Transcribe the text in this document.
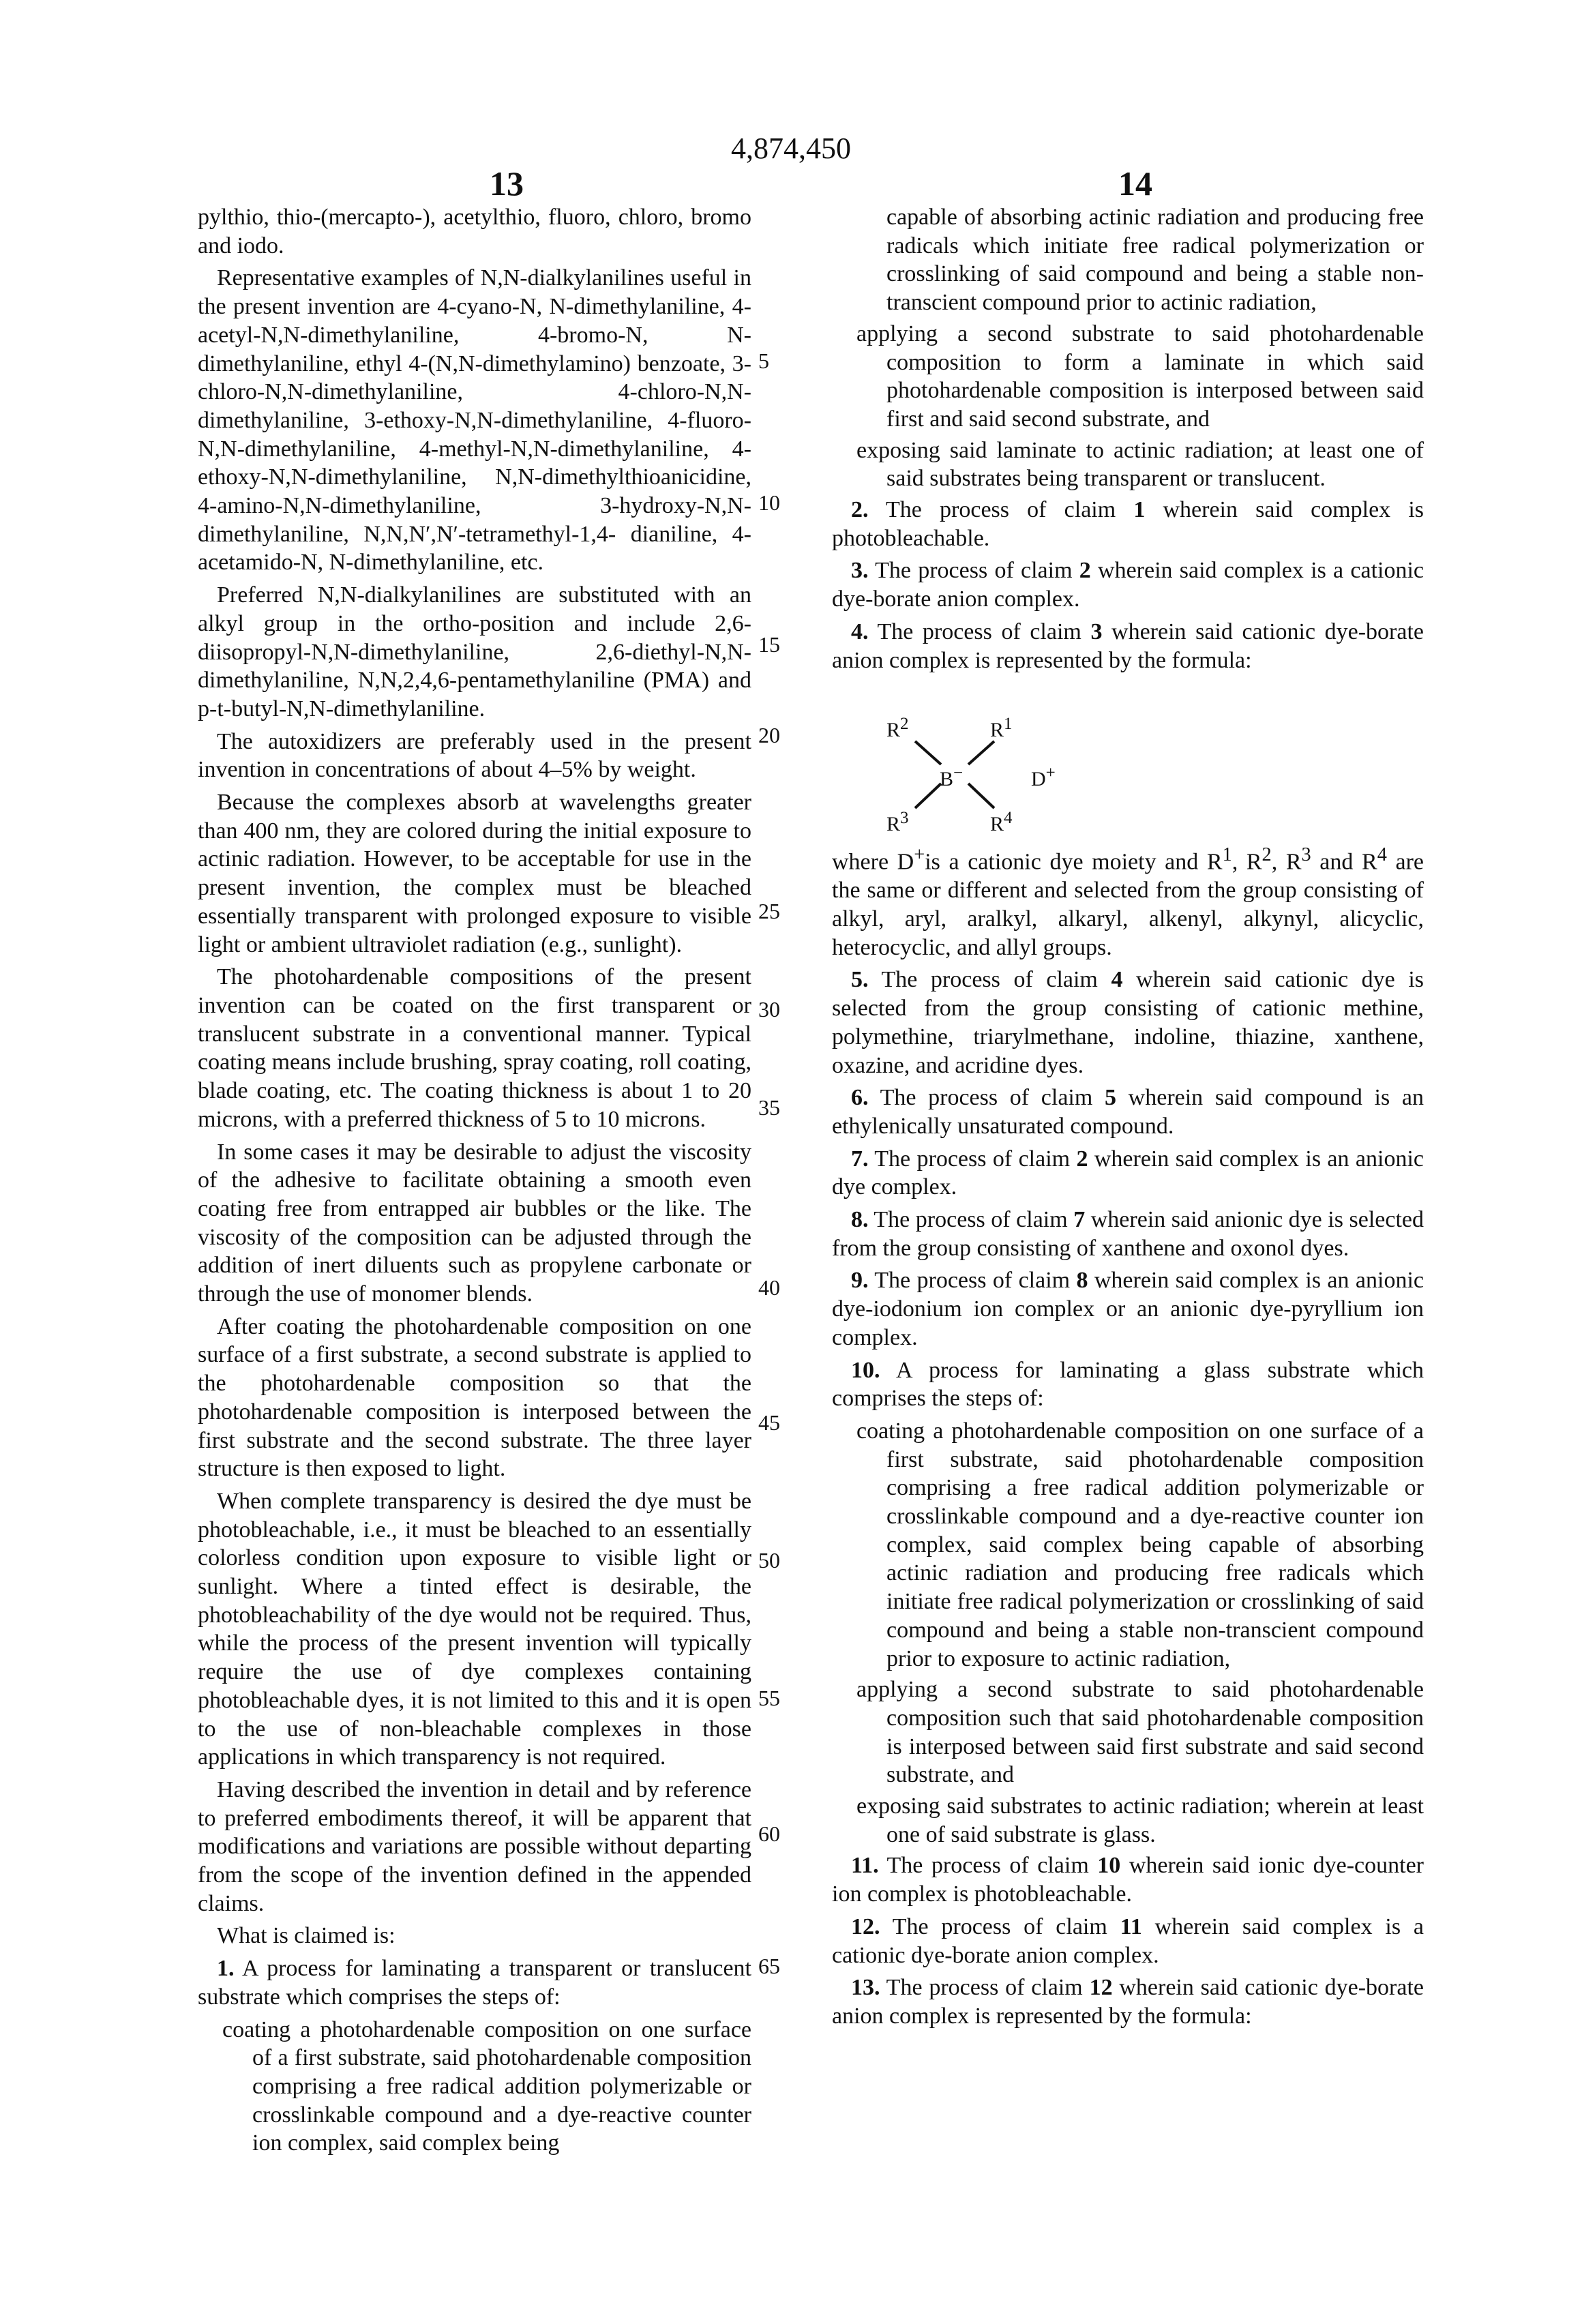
4,874,450
13	14
5
10
15
20
25
30
35
40
45
50
55
60
65

pylthio, thio-(mercapto-), acetylthio, fluoro, chloro, bromo and iodo.

Representative examples of N,N-dialkylanilines useful in the present invention are 4-cyano-N, N-dimethylaniline, 4-acetyl-N,N-dimethylaniline, 4-bromo-N, N-dimethylaniline, ethyl 4-(N,N-dimethylamino) benzoate, 3-chloro-N,N-dimethylaniline, 4-chloro-N,N-dimethylaniline, 3-ethoxy-N,N-dimethylaniline, 4-fluoro- N,N-dimethylaniline, 4-methyl-N,N-dimethylaniline, 4-ethoxy-N,N-dimethylaniline, N,N-dimethylthioanicidine, 4-amino-N,N-dimethylaniline, 3-hydroxy-N,N-dimethylaniline, N,N,N′,N′-tetramethyl-1,4- dianiline, 4-acetamido-N, N-dimethylaniline, etc.

Preferred N,N-dialkylanilines are substituted with an alkyl group in the ortho-position and include 2,6- diisopropyl-N,N-dimethylaniline, 2,6-diethyl-N,N-dimethylaniline, N,N,2,4,6-pentamethylaniline (PMA) and p-t-butyl-N,N-dimethylaniline.

The autoxidizers are preferably used in the present invention in concentrations of about 4–5% by weight.

Because the complexes absorb at wavelengths greater than 400 nm, they are colored during the initial exposure to actinic radiation. However, to be acceptable for use in the present invention, the complex must be bleached essentially transparent with prolonged exposure to visible light or ambient ultraviolet radiation (e.g., sunlight).

The photohardenable compositions of the present invention can be coated on the first transparent or translucent substrate in a conventional manner. Typical coating means include brushing, spray coating, roll coating, blade coating, etc. The coating thickness is about 1 to 20 microns, with a preferred thickness of 5 to 10 microns.

In some cases it may be desirable to adjust the viscosity of the adhesive to facilitate obtaining a smooth even coating free from entrapped air bubbles or the like. The viscosity of the composition can be adjusted through the addition of inert diluents such as propylene carbonate or through the use of monomer blends.

After coating the photohardenable composition on one surface of a first substrate, a second substrate is applied to the photohardenable composition so that the photohardenable composition is interposed between the first substrate and the second substrate. The three layer structure is then exposed to light.

When complete transparency is desired the dye must be photobleachable, i.e., it must be bleached to an essentially colorless condition upon exposure to visible light or sunlight. Where a tinted effect is desirable, the photobleachability of the dye would not be required. Thus, while the process of the present invention will typically require the use of dye complexes containing photobleachable dyes, it is not limited to this and it is open to the use of non-bleachable complexes in those applications in which transparency is not required.

Having described the invention in detail and by reference to preferred embodiments thereof, it will be apparent that modifications and variations are possible without departing from the scope of the invention defined in the appended claims.

What is claimed is:

1. A process for laminating a transparent or translucent substrate which comprises the steps of:

coating a photohardenable composition on one surface of a first substrate, said photohardenable composition comprising a free radical addition polymerizable or crosslinkable compound and a dye-reactive counter ion complex, said complex being
capable of absorbing actinic radiation and producing free radicals which initiate free radical polymerization or crosslinking of said compound and being a stable non-transcient compound prior to actinic radiation,
applying a second substrate to said photohardenable composition to form a laminate in which said photohardenable composition is interposed between said first and said second substrate, and
exposing said laminate to actinic radiation; at least one of said substrates being transparent or translucent.

2. The process of claim 1 wherein said complex is photobleachable.

3. The process of claim 2 wherein said complex is a cationic dye-borate anion complex.

4. The process of claim 3 wherein said cationic dye-borate anion complex is represented by the formula:

R2	R1
B−	D+
R3	R4

where D+is a cationic dye moiety and R1, R2, R3 and R4 are the same or different and selected from the group consisting of alkyl, aryl, aralkyl, alkaryl, alkenyl, alkynyl, alicyclic, heterocyclic, and allyl groups.

5. The process of claim 4 wherein said cationic dye is selected from the group consisting of cationic methine, polymethine, triarylmethane, indoline, thiazine, xanthene, oxazine, and acridine dyes.

6. The process of claim 5 wherein said compound is an ethylenically unsaturated compound.

7. The process of claim 2 wherein said complex is an anionic dye complex.

8. The process of claim 7 wherein said anionic dye is selected from the group consisting of xanthene and oxonol dyes.

9. The process of claim 8 wherein said complex is an anionic dye-iodonium ion complex or an anionic dye-pyryllium ion complex.

10. A process for laminating a glass substrate which comprises the steps of:

coating a photohardenable composition on one surface of a first substrate, said photohardenable composition comprising a free radical addition polymerizable or crosslinkable compound and a dye-reactive counter ion complex, said complex being capable of absorbing actinic radiation and producing free radicals which initiate free radical polymerization or crosslinking of said compound and being a stable non-transcient compound prior to exposure to actinic radiation,
applying a second substrate to said photohardenable composition such that said photohardenable composition is interposed between said first substrate and said second substrate, and
exposing said substrates to actinic radiation; wherein at least one of said substrate is glass.

11. The process of claim 10 wherein said ionic dye-counter ion complex is photobleachable.

12. The process of claim 11 wherein said complex is a cationic dye-borate anion complex.

13. The process of claim 12 wherein said cationic dye-borate anion complex is represented by the formula:
